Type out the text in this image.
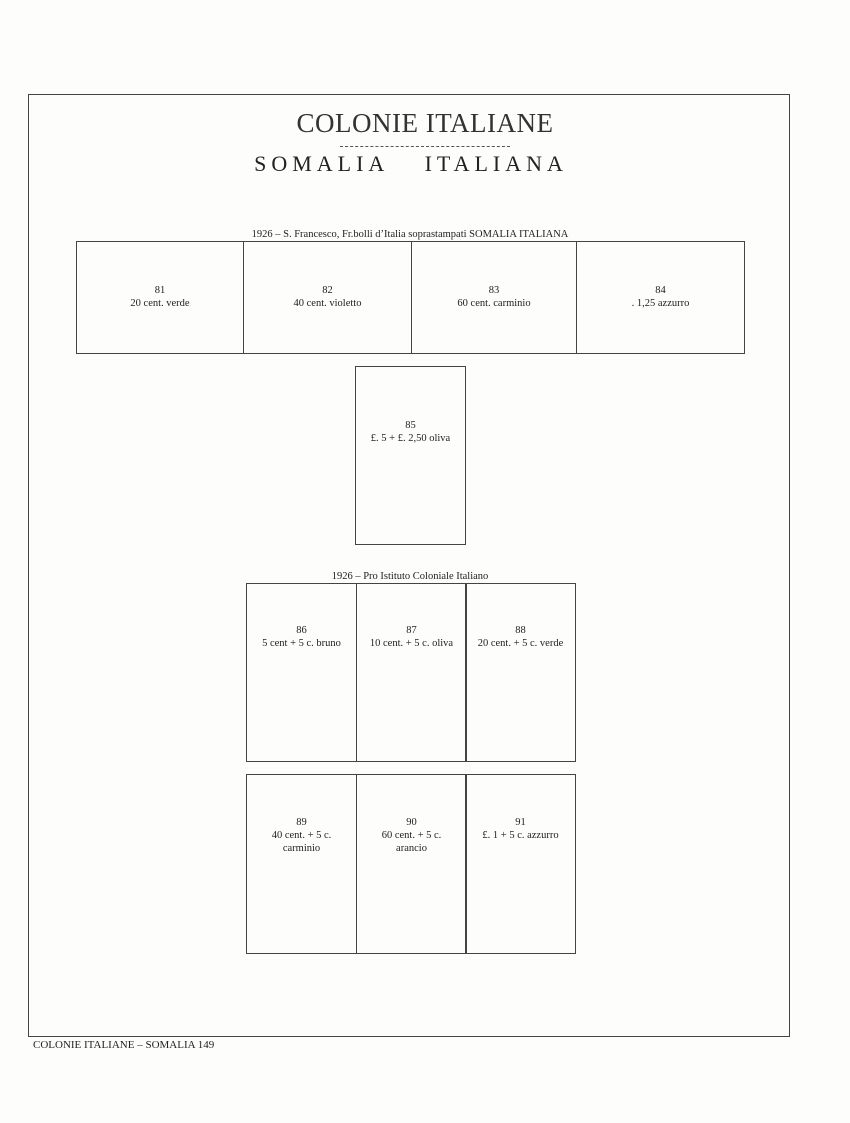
COLONIE ITALIANE
SOMALIA ITALIANA
1926 – S. Francesco, Fr.bolli d’Italia soprastampati SOMALIA ITALIANA
81
20 cent. verde
82
40 cent. violetto
83
60 cent. carminio
84
. 1,25 azzurro
85
£. 5 + £. 2,50 oliva
1926 – Pro Istituto Coloniale Italiano
86
5 cent + 5 c. bruno
87
10 cent. + 5 c. oliva
88
20 cent. + 5 c. verde
89
40 cent. + 5 c.
carminio
90
60 cent. + 5 c.
arancio
91
£. 1 + 5 c. azzurro
COLONIE ITALIANE – SOMALIA 149
